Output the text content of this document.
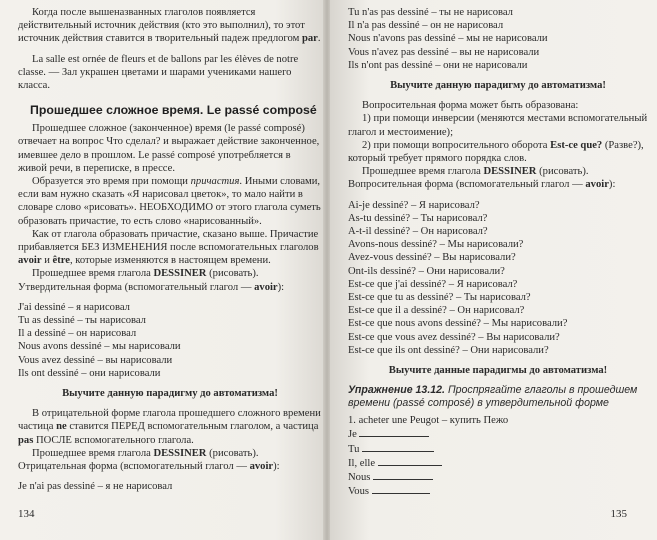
Когда после вышеназванных глаголов появляется действительный источник действия (кто это выполнил), то этот источник действия ставится в творительный падеж предлогом par.

La salle est ornée de fleurs et de ballons par les élèves de notre classe. — Зал украшен цветами и шарами учениками нашего класса.

Прошедшее сложное время. Le passé composé

Прошедшее сложное (законченное) время (le passé composé) отвечает на вопрос Что сделал? и выражает действие законченное, имевшее дело в прошлом. Le passé composé употребляется в живой речи, в переписке, в прессе.

Образуется это время при помощи причастия. Иными словами, если вам нужно сказать «Я нарисовал цветок», то мало найти в словаре слово «рисовать». НЕОБХОДИМО от этого глагола суметь образовать причастие, то есть слово «нарисованный».

Как от глагола образовать причастие, сказано выше. Причастие прибавляется БЕЗ ИЗМЕНЕНИЯ после вспомогательных глаголов avoir и être, которые изменяются в настоящем времени.

Прошедшее время глагола DESSINER (рисовать). Утвердительная форма (вспомогательный глагол — avoir):

J'ai dessiné – я нарисовал

Tu as dessiné – ты нарисовал

Il a dessiné – он нарисовал

Nous avons dessiné – мы нарисовали

Vous avez dessiné – вы нарисовали

Ils ont dessiné – они нарисовали

Выучите данную парадигму до автоматизма!

В отрицательной форме глагола прошедшего сложного времени частица ne ставится ПЕРЕД вспомогательным глаголом, а частица pas ПОСЛЕ вспомогательного глагола.

Прошедшее время глагола DESSINER (рисовать). Отрицательная форма (вспомогательный глагол — avoir):

Je n'ai pas dessiné – я не нарисовал

134

Tu n'as pas dessiné – ты не нарисовал

Il n'a pas dessiné – он не нарисовал

Nous n'avons pas dessiné – мы не нарисовали

Vous n'avez pas dessiné – вы не нарисовали

Ils n'ont pas dessiné – они не нарисовали

Выучите данную парадигму до автоматизма!

Вопросительная форма может быть образована:

1) при помощи инверсии (меняются местами вспомогательный глагол и местоимение);

2) при помощи вопросительного оборота Est-ce que? (Разве?), который требует прямого порядка слов.

Прошедшее время глагола DESSINER (рисовать). Вопросительная форма (вспомогательный глагол — avoir):

Ai-je dessiné? – Я нарисовал?

As-tu dessiné? – Ты нарисовал?

A-t-il dessiné? – Он нарисовал?

Avons-nous dessiné? – Мы нарисовали?

Avez-vous dessiné? – Вы нарисовали?

Ont-ils dessiné? – Они нарисовали?

Est-ce que j'ai dessiné? – Я нарисовал?

Est-ce que tu as dessiné? – Ты нарисовал?

Est-ce que il a dessiné? – Он нарисовал?

Est-ce que nous avons dessiné? – Мы нарисовали?

Est-ce que vous avez dessiné? – Вы нарисовали?

Est-ce que ils ont dessiné? – Они нарисовали?

Выучите данные парадигмы до автоматизма!

Упражнение 13.12. Проспрягайте глаголы в прошедшем времени (passé composé) в утвердительной форме

1. acheter une Peugot – купить Пежо

Je

Tu

Il, elle

Nous

Vous

135
